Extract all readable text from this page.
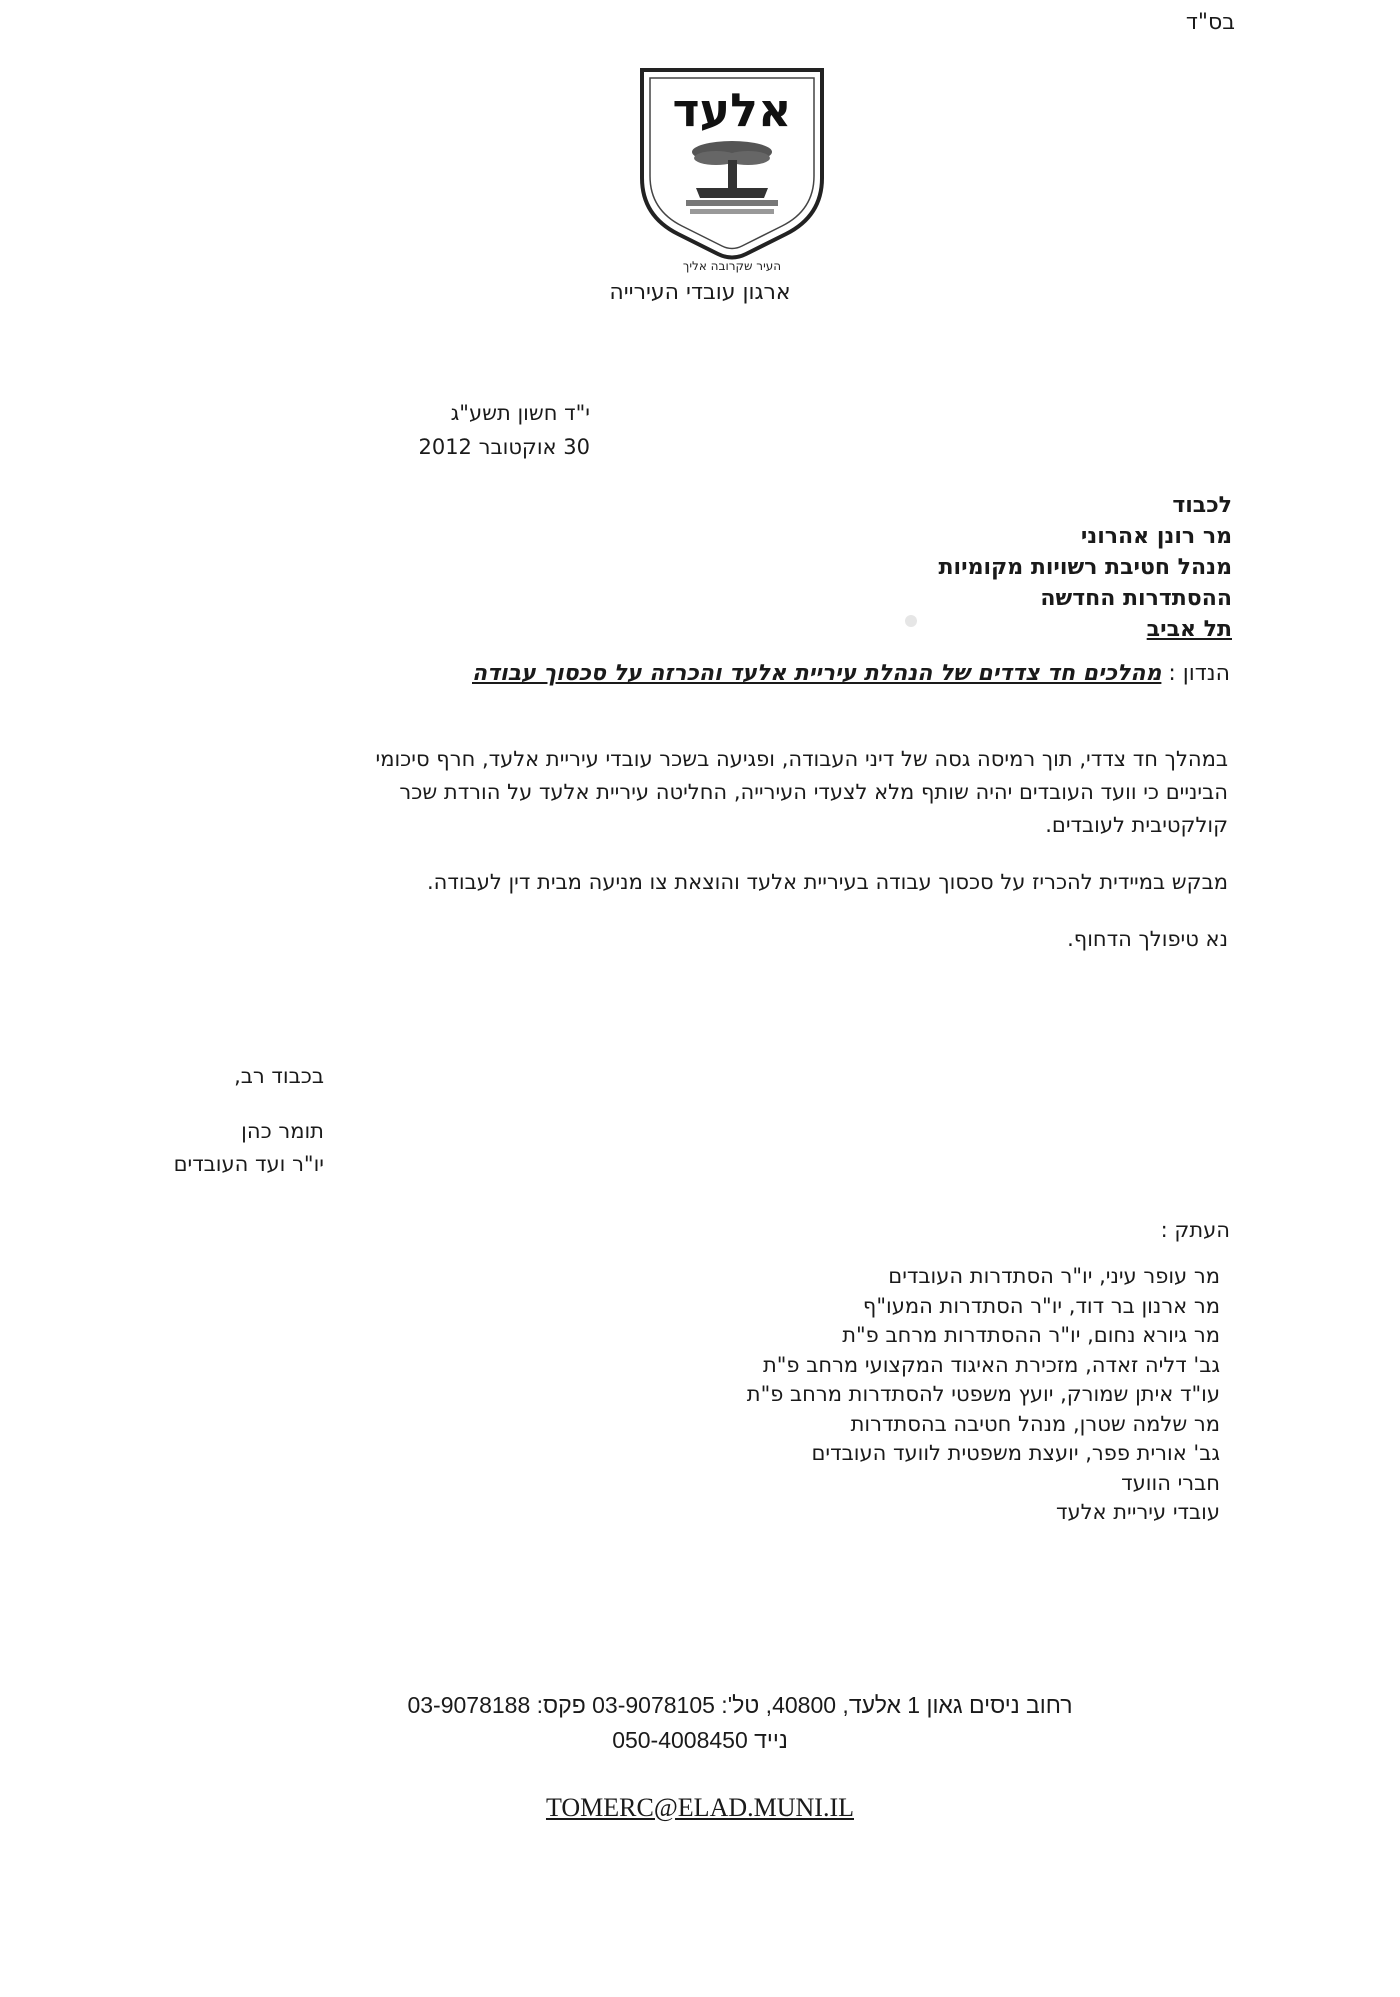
בס"ד
אלעד
העיר שקרובה אליך
ארגון עובדי העירייה
י"ד חשון תשע"ג
30 אוקטובר 2012
לכבוד
מר רונן אהרוני
מנהל חטיבת רשויות מקומיות
ההסתדרות החדשה
תל אביב
הנדון : מהלכים חד צדדים של הנהלת עיריית אלעד והכרזה על סכסוך עבודה

במהלך חד צדדי, תוך רמיסה גסה של דיני העבודה, ופגיעה בשכר עובדי עיריית אלעד, חרף סיכומי הביניים כי וועד העובדים יהיה שותף מלא לצעדי העירייה, החליטה עיריית אלעד על הורדת שכר קולקטיבית לעובדים.

מבקש במיידית להכריז על סכסוך עבודה בעיריית אלעד והוצאת צו מניעה מבית דין לעבודה.

נא טיפולך הדחוף.

בכבוד רב,

תומר כהן
יו"ר ועד העובדים
העתק :
מר עופר עיני, יו"ר הסתדרות העובדים
מר ארנון בר דוד, יו"ר הסתדרות המעו"ף
מר גיורא נחום, יו"ר ההסתדרות מרחב פ"ת
גב' דליה זאדה, מזכירת האיגוד המקצועי מרחב פ"ת
עו"ד איתן שמורק, יועץ משפטי להסתדרות מרחב פ"ת
מר שלמה שטרן, מנהל חטיבה בהסתדרות
גב' אורית פפר, יועצת משפטית לוועד העובדים
חברי הוועד
עובדי עיריית אלעד
רחוב ניסים גאון 1 אלעד, 40800, טל': 03-9078105 פקס: 03-9078188
נייד 050-4008450
TOMERC@ELAD.MUNI.IL
